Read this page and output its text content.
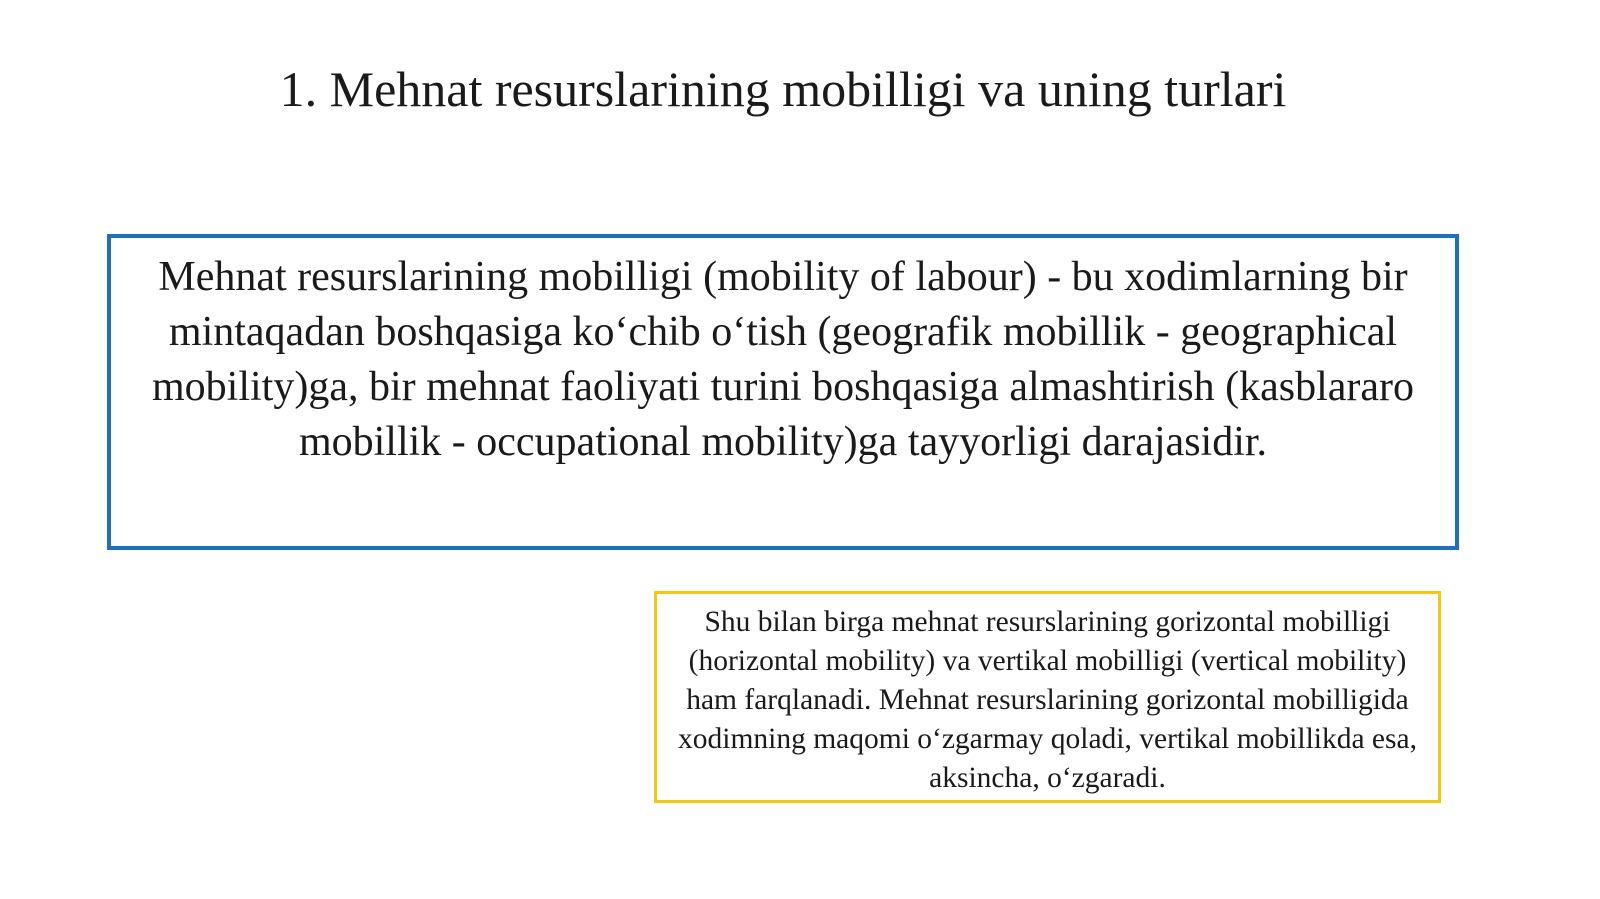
1. Mehnat resurslarining mobilligi va uning turlari
Mehnat resurslarining mobilligi (mobility of labour) - bu xodimlarning bir mintaqadan boshqasiga ko‘chib o‘tish (geografik mobillik - geographical mobility)ga, bir mehnat faoliyati turini boshqasiga almashtirish (kasblararo mobillik - occupational mobility)ga tayyorligi darajasidir.
Shu bilan birga mehnat resurslarining gorizontal mobilligi (horizontal mobility) va vertikal mobilligi (vertical mobility) ham farqlanadi. Mehnat resurslarining gorizontal mobilligida xodimning maqomi o‘zgarmay qoladi, vertikal mobillikda esa, aksincha, o‘zgaradi.
